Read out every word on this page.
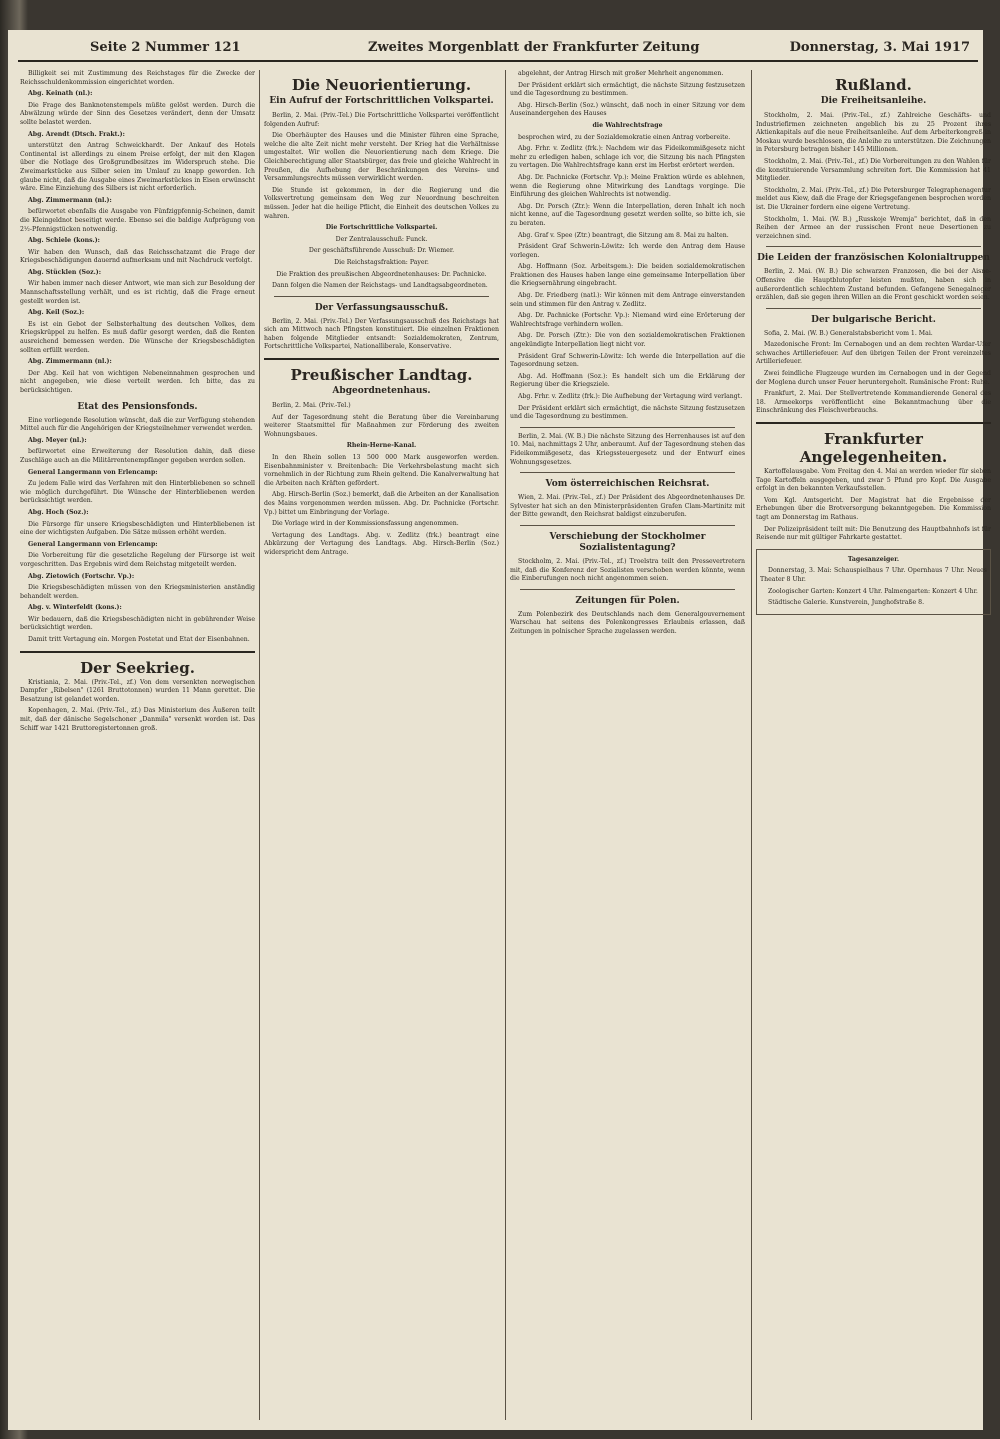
Seite 2 Nummer 121	Zweites Morgenblatt der Frankfurter Zeitung	Donnerstag, 3. Mai 1917

Billigkeit sei mit Zustimmung des Reichstages für die Zwecke der Reichsschuldenkommission eingerichtet worden.

Abg. Keinath (nl.):

Die Frage des Banknotenstempels müßte gelöst werden. Durch die Abwälzung würde der Sinn des Gesetzes verändert, denn der Umsatz sollte belastet werden.

Abg. Arendt (Dtsch. Frakt.):

unterstützt den Antrag Schweickhardt. Der Ankauf des Hotels Continental ist allerdings zu einem Preise erfolgt, der mit den Klagen über die Notlage des Großgrundbesitzes im Widerspruch stehe. Die Zweimarkstücke aus Silber seien im Umlauf zu knapp geworden. Ich glaube nicht, daß die Ausgabe eines Zweimarkstückes in Eisen erwünscht wäre. Eine Einziehung des Silbers ist nicht erforderlich.

Abg. Zimmermann (nl.):

befürwortet ebenfalls die Ausgabe von Fünfzigpfennig-Scheinen, damit die Kleingeldnot beseitigt werde. Ebenso sei die baldige Aufprägung von 2½-Pfennigstücken notwendig.

Abg. Schiele (kons.):

Wir haben den Wunsch, daß das Reichsschatzamt die Frage der Kriegsbeschädigungen dauernd aufmerksam und mit Nachdruck verfolgt.

Abg. Stücklen (Soz.):

Wir haben immer nach dieser Antwort, wie man sich zur Besoldung der Mannschaftsstellung verhält, und es ist richtig, daß die Frage erneut gestellt worden ist.

Abg. Keil (Soz.):

Es ist ein Gebot der Selbsterhaltung des deutschen Volkes, dem Kriegskrüppel zu helfen. Es muß dafür gesorgt werden, daß die Renten ausreichend bemessen werden. Die Wünsche der Kriegsbeschädigten sollten erfüllt werden.

Abg. Zimmermann (nl.):

Der Abg. Keil hat von wichtigen Nebeneinnahmen gesprochen und nicht angegeben, wie diese verteilt werden. Ich bitte, das zu berücksichtigen.

Etat des Pensionsfonds.

Eine vorliegende Resolution wünscht, daß die zur Verfügung stehenden Mittel auch für die Angehörigen der Kriegsteilnehmer verwendet werden.

Abg. Meyer (nl.):

befürwortet eine Erweiterung der Resolution dahin, daß diese Zuschläge auch an die Militärrentenempfänger gegeben werden sollen.

General Langermann von Erlencamp:

Zu jedem Falle wird das Verfahren mit den Hinterbliebenen so schnell wie möglich durchgeführt. Die Wünsche der Hinterbliebenen werden berücksichtigt werden.

Abg. Hoch (Soz.):

Die Fürsorge für unsere Kriegsbeschädigten und Hinterbliebenen ist eine der wichtigsten Aufgaben. Die Sätze müssen erhöht werden.

General Langermann von Erlencamp:

Die Vorbereitung für die gesetzliche Regelung der Fürsorge ist weit vorgeschritten. Das Ergebnis wird dem Reichstag mitgeteilt werden.

Abg. Zietowich (Fortschr. Vp.):

Die Kriegsbeschädigten müssen von den Kriegsministerien anständig behandelt werden.

Abg. v. Winterfeldt (kons.):

Wir bedauern, daß die Kriegsbeschädigten nicht in gebührender Weise berücksichtigt werden.

Damit tritt Vertagung ein. Morgen Postetat und Etat der Eisenbahnen.

Der Seekrieg.

Kristiania, 2. Mai. (Priv.-Tel., zf.) Von dem versenkten norwegischen Dampfer „Ribelsen" (1261 Bruttotonnen) wurden 11 Mann gerettet. Die Besatzung ist gelandet worden.

Kopenhagen, 2. Mai. (Priv.-Tel., zf.) Das Ministerium des Äußeren teilt mit, daß der dänische Segelschoner „Danmila" versenkt worden ist. Das Schiff war 1421 Bruttoregistertonnen groß.

Die Neuorientierung.
Ein Aufruf der Fortschrittlichen Volkspartei.

Berlin, 2. Mai. (Priv.-Tel.) Die Fortschrittliche Volkspartei veröffentlicht folgenden Aufruf:

Die Oberhäupter des Hauses und die Minister führen eine Sprache, welche die alte Zeit nicht mehr versteht. Der Krieg hat die Verhältnisse umgestaltet. Wir wollen die Neuorientierung nach dem Kriege. Die Gleichberechtigung aller Staatsbürger, das freie und gleiche Wahlrecht in Preußen, die Aufhebung der Beschränkungen des Vereins- und Versammlungsrechts müssen verwirklicht werden.

Die Stunde ist gekommen, in der die Regierung und die Volksvertretung gemeinsam den Weg zur Neuordnung beschreiten müssen. Jeder hat die heilige Pflicht, die Einheit des deutschen Volkes zu wahren.

Die Fortschrittliche Volkspartei.

Der Zentralausschuß: Funck.

Der geschäftsführende Ausschuß: Dr. Wiemer.

Die Reichstagsfraktion: Payer.

Die Fraktion des preußischen Abgeordnetenhauses: Dr. Pachnicke.

Dann folgen die Namen der Reichstags- und Landtagsabgeordneten.

Der Verfassungsausschuß.

Berlin, 2. Mai. (Priv.-Tel.) Der Verfassungsausschuß des Reichstags hat sich am Mittwoch nach Pfingsten konstituiert. Die einzelnen Fraktionen haben folgende Mitglieder entsandt: Sozialdemokraten, Zentrum, Fortschrittliche Volkspartei, Nationalliberale, Konservative.

Preußischer Landtag.
Abgeordnetenhaus.

Berlin, 2. Mai. (Priv.-Tel.)

Auf der Tagesordnung steht die Beratung über die Vereinbarung weiterer Staatsmittel für Maßnahmen zur Förderung des zweiten Wohnungsbaues.

Rhein-Herne-Kanal.

In den Rhein sollen 13 500 000 Mark ausgeworfen werden. Eisenbahnminister v. Breitenbach: Die Verkehrsbelastung macht sich vornehmlich in der Richtung zum Rhein geltend. Die Kanalverwaltung hat die Arbeiten nach Kräften gefördert.

Abg. Hirsch-Berlin (Soz.) bemerkt, daß die Arbeiten an der Kanalisation des Mains vorgenommen werden müssen. Abg. Dr. Pachnicke (Fortschr. Vp.) bittet um Einbringung der Vorlage.

Die Vorlage wird in der Kommissionsfassung angenommen.

Vertagung des Landtags. Abg. v. Zedlitz (frk.) beantragt eine Abkürzung der Vertagung des Landtags. Abg. Hirsch-Berlin (Soz.) widerspricht dem Antrage.

abgelehnt, der Antrag Hirsch mit großer Mehrheit angenommen.

Der Präsident erklärt sich ermächtigt, die nächste Sitzung festzusetzen und die Tagesordnung zu bestimmen.

Abg. Hirsch-Berlin (Soz.) wünscht, daß noch in einer Sitzung vor dem Auseinandergehen des Hauses

die Wahlrechtsfrage

besprochen wird, zu der Sozialdemokratie einen Antrag vorbereite.

Abg. Frhr. v. Zedlitz (frk.): Nachdem wir das Fideikommißgesetz nicht mehr zu erledigen haben, schlage ich vor, die Sitzung bis nach Pfingsten zu vertagen. Die Wahlrechtsfrage kann erst im Herbst erörtert werden.

Abg. Dr. Pachnicke (Fortschr. Vp.): Meine Fraktion würde es ablehnen, wenn die Regierung ohne Mitwirkung des Landtags vorginge. Die Einführung des gleichen Wahlrechts ist notwendig.

Abg. Dr. Porsch (Ztr.): Wenn die Interpellation, deren Inhalt ich noch nicht kenne, auf die Tagesordnung gesetzt werden sollte, so bitte ich, sie zu beraten.

Abg. Graf v. Spee (Ztr.) beantragt, die Sitzung am 8. Mai zu halten.

Präsident Graf Schwerin-Löwitz: Ich werde den Antrag dem Hause vorlegen.

Abg. Hoffmann (Soz. Arbeitsgem.): Die beiden sozialdemokratischen Fraktionen des Hauses haben lange eine gemeinsame Interpellation über die Kriegsernährung eingebracht.

Abg. Dr. Friedberg (natl.): Wir können mit dem Antrage einverstanden sein und stimmen für den Antrag v. Zedlitz.

Abg. Dr. Pachnicke (Fortschr. Vp.): Niemand wird eine Erörterung der Wahlrechtsfrage verhindern wollen.

Abg. Dr. Porsch (Ztr.): Die von den sozialdemokratischen Fraktionen angekündigte Interpellation liegt nicht vor.

Präsident Graf Schwerin-Löwitz: Ich werde die Interpellation auf die Tagesordnung setzen.

Abg. Ad. Hoffmann (Soz.): Es handelt sich um die Erklärung der Regierung über die Kriegsziele.

Abg. Frhr. v. Zedlitz (frk.): Die Aufhebung der Vertagung wird verlangt.

Der Präsident erklärt sich ermächtigt, die nächste Sitzung festzusetzen und die Tagesordnung zu bestimmen.

Berlin, 2. Mai. (W. B.) Die nächste Sitzung des Herrenhauses ist auf den 10. Mai, nachmittags 2 Uhr, anberaumt. Auf der Tagesordnung stehen das Fideikommißgesetz, das Kriegssteuergesetz und der Entwurf eines Wohnungsgesetzes.

Vom österreichischen Reichsrat.

Wien, 2. Mai. (Priv.-Tel., zf.) Der Präsident des Abgeordnetenhauses Dr. Sylvester hat sich an den Ministerpräsidenten Grafen Clam-Martinitz mit der Bitte gewandt, den Reichsrat baldigst einzuberufen.

Verschiebung der Stockholmer Sozialistentagung?

Stockholm, 2. Mai. (Priv.-Tel., zf.) Troelstra teilt den Pressevertretern mit, daß die Konferenz der Sozialisten verschoben werden könnte, wenn die Einberufungen noch nicht angenommen seien.

Zeitungen für Polen.

Zum Polenbezirk des Deutschlands nach dem Generalgouvernement Warschau hat seitens des Polenkongresses Erlaubnis erlassen, daß Zeitungen in polnischer Sprache zugelassen werden.

Rußland.
Die Freiheitsanleihe.

Stockholm, 2. Mai. (Priv.-Tel., zf.) Zahlreiche Geschäfts- und Industriefirmen zeichneten angeblich bis zu 25 Prozent ihres Aktienkapitals auf die neue Freiheitsanleihe. Auf dem Arbeiterkongreß in Moskau wurde beschlossen, die Anleihe zu unterstützen. Die Zeichnungen in Petersburg betragen bisher 145 Millionen.

Stockholm, 2. Mai. (Priv.-Tel., zf.) Die Vorbereitungen zu den Wahlen für die konstituierende Versammlung schreiten fort. Die Kommission hat 41 Mitglieder.

Stockholm, 2. Mai. (Priv.-Tel., zf.) Die Petersburger Telegraphenagentur meldet aus Kiew, daß die Frage der Kriegsgefangenen besprochen worden ist. Die Ukrainer fordern eine eigene Vertretung.

Stockholm, 1. Mai. (W. B.) „Russkoje Wremja" berichtet, daß in den Reihen der Armee an der russischen Front neue Desertionen zu verzeichnen sind.

Die Leiden der französischen Kolonialtruppen

Berlin, 2. Mai. (W. B.) Die schwarzen Franzosen, die bei der Aisne-Offensive die Hauptblutopfer leisten mußten, haben sich in außerordentlich schlechtem Zustand befunden. Gefangene Senegalneger erzählen, daß sie gegen ihren Willen an die Front geschickt worden seien.

Der bulgarische Bericht.

Sofia, 2. Mai. (W. B.) Generalstabsbericht vom 1. Mai.

Mazedonische Front: Im Cernabogen und an dem rechten Wardar-Ufer schwaches Artilleriefeuer. Auf den übrigen Teilen der Front vereinzeltes Artilleriefeuer.

Zwei feindliche Flugzeuge wurden im Cernabogen und in der Gegend der Moglena durch unser Feuer heruntergeholt. Rumänische Front: Ruhe.

Frankfurt, 2. Mai. Der Stellvertretende Kommandierende General des 18. Armeekorps veröffentlicht eine Bekanntmachung über die Einschränkung des Fleischverbrauchs.

Frankfurter Angelegenheiten.

Kartoffelausgabe. Vom Freitag den 4. Mai an werden wieder für sieben Tage Kartoffeln ausgegeben, und zwar 5 Pfund pro Kopf. Die Ausgabe erfolgt in den bekannten Verkaufsstellen.

Vom Kgl. Amtsgericht. Der Magistrat hat die Ergebnisse der Erhebungen über die Brotversorgung bekanntgegeben. Die Kommission tagt am Donnerstag im Rathaus.

Der Polizeipräsident teilt mit: Die Benutzung des Hauptbahnhofs ist für Reisende nur mit gültiger Fahrkarte gestattet.

Tagesanzeiger.

Donnerstag, 3. Mai: Schauspielhaus 7 Uhr. Opernhaus 7 Uhr. Neues Theater 8 Uhr.

Zoologischer Garten: Konzert 4 Uhr. Palmengarten: Konzert 4 Uhr.

Städtische Galerie. Kunstverein, Junghofstraße 8.
